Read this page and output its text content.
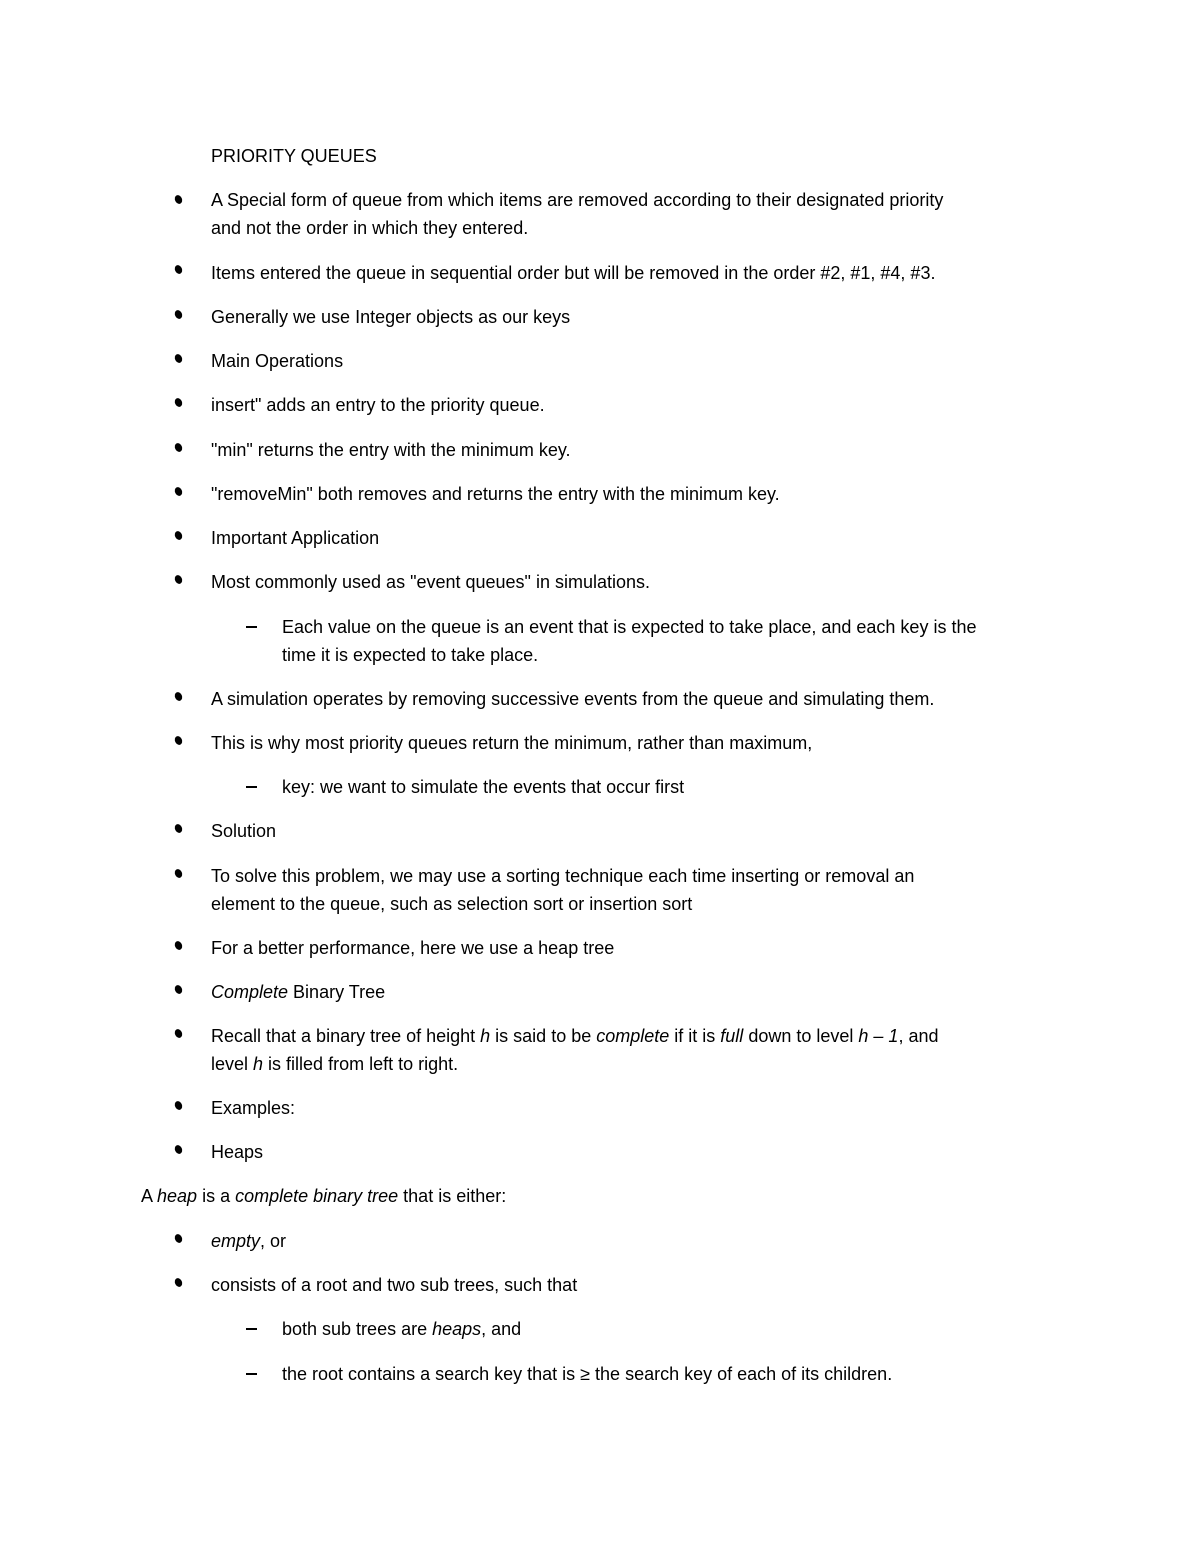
PRIORITY QUEUES
A Special form of queue from which items are removed according to their designated priority
and not the order in which they entered.
Items entered the queue in sequential order but will be removed in the order #2, #1, #4, #3.
Generally we use Integer objects as our keys
Main Operations
insert" adds an entry to the priority queue.
"min" returns the entry with the minimum key.
"removeMin" both removes and returns the entry with the minimum key.
Important Application
Most commonly used as "event queues" in simulations.
Each value on the queue is an event that is expected to take place, and each key is the
time it is expected to take place.
A simulation operates by removing successive events from the queue and simulating them.
This is why most priority queues return the minimum, rather than maximum,
key: we want to simulate the events that occur first
Solution
To solve this problem, we may use a sorting technique each time inserting or removal an
element to the queue, such as selection sort or insertion sort
For a better performance, here we use a heap tree
Complete Binary Tree
Recall that a binary tree of height h is said to be complete if it is full down to level h – 1, and
level h is filled from left to right.
Examples:
Heaps
A heap is a complete binary tree that is either:
empty, or
consists of a root and two sub trees, such that
both sub trees are heaps, and
the root contains a search key that is ≥ the search key of each of its children.
